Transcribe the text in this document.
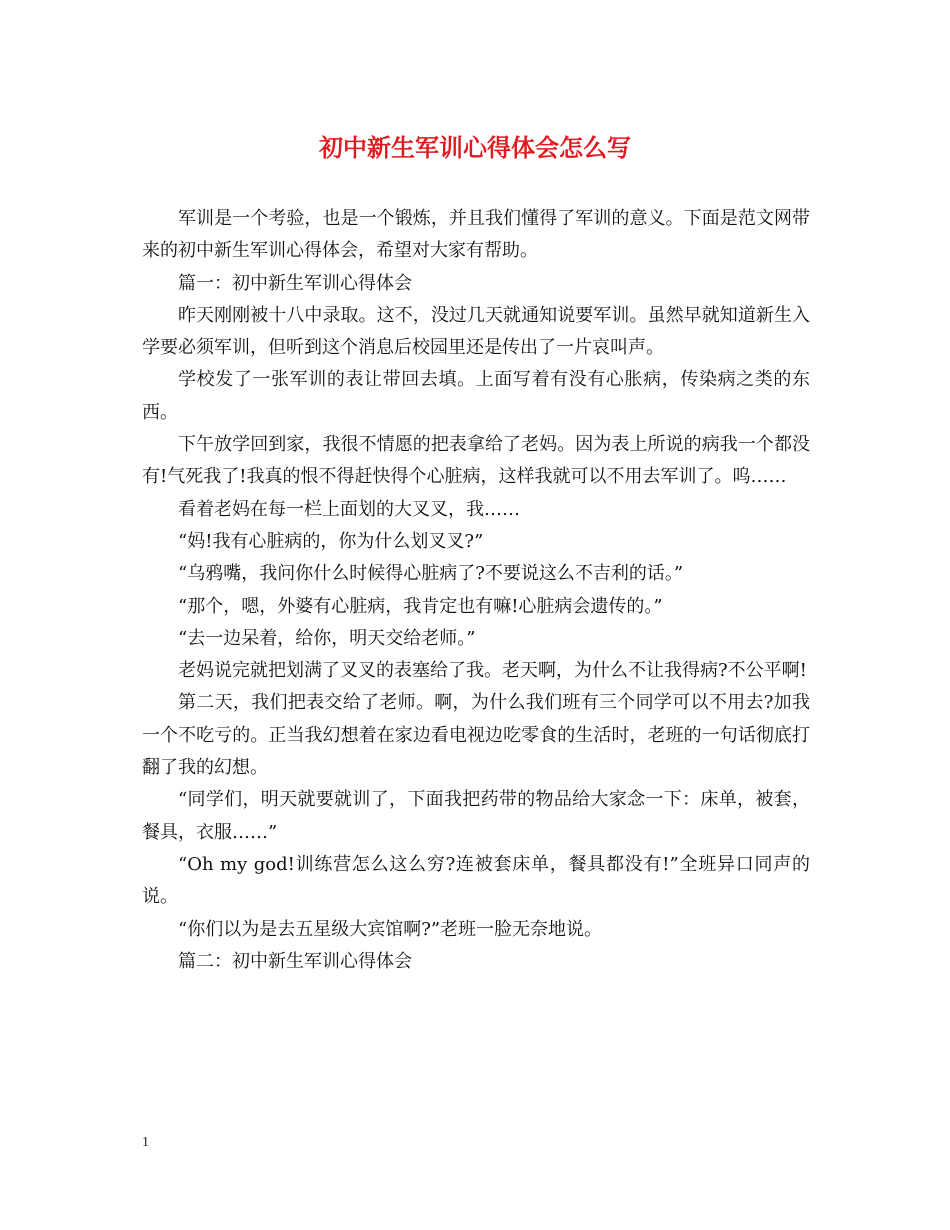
初中新生军训心得体会怎么写

军训是一个考验，也是一个锻炼，并且我们懂得了军训的意义。下面是范文网带来的初中新生军训心得体会，希望对大家有帮助。

篇一：初中新生军训心得体会

昨天刚刚被十八中录取。这不，没过几天就通知说要军训。虽然早就知道新生入学要必须军训，但听到这个消息后校园里还是传出了一片哀叫声。

学校发了一张军训的表让带回去填。上面写着有没有心胀病，传染病之类的东西。

下午放学回到家，我很不情愿的把表拿给了老妈。因为表上所说的病我一个都没有!气死我了!我真的恨不得赶快得个心脏病，这样我就可以不用去军训了。呜……

看着老妈在每一栏上面划的大叉叉，我……

“妈!我有心脏病的，你为什么划叉叉?”

“乌鸦嘴，我问你什么时候得心脏病了?不要说这么不吉利的话。”

“那个，嗯，外婆有心脏病，我肯定也有嘛!心脏病会遗传的。”

“去一边呆着，给你，明天交给老师。”

老妈说完就把划满了叉叉的表塞给了我。老天啊，为什么不让我得病?不公平啊!

第二天，我们把表交给了老师。啊，为什么我们班有三个同学可以不用去?加我一个不吃亏的。正当我幻想着在家边看电视边吃零食的生活时，老班的一句话彻底打翻了我的幻想。

“同学们，明天就要就训了，下面我把药带的物品给大家念一下：床单，被套，餐具，衣服……”

“Oh my god!训练营怎么这么穷?连被套床单，餐具都没有!”全班异口同声的说。

“你们以为是去五星级大宾馆啊?”老班一脸无奈地说。

篇二：初中新生军训心得体会

1
